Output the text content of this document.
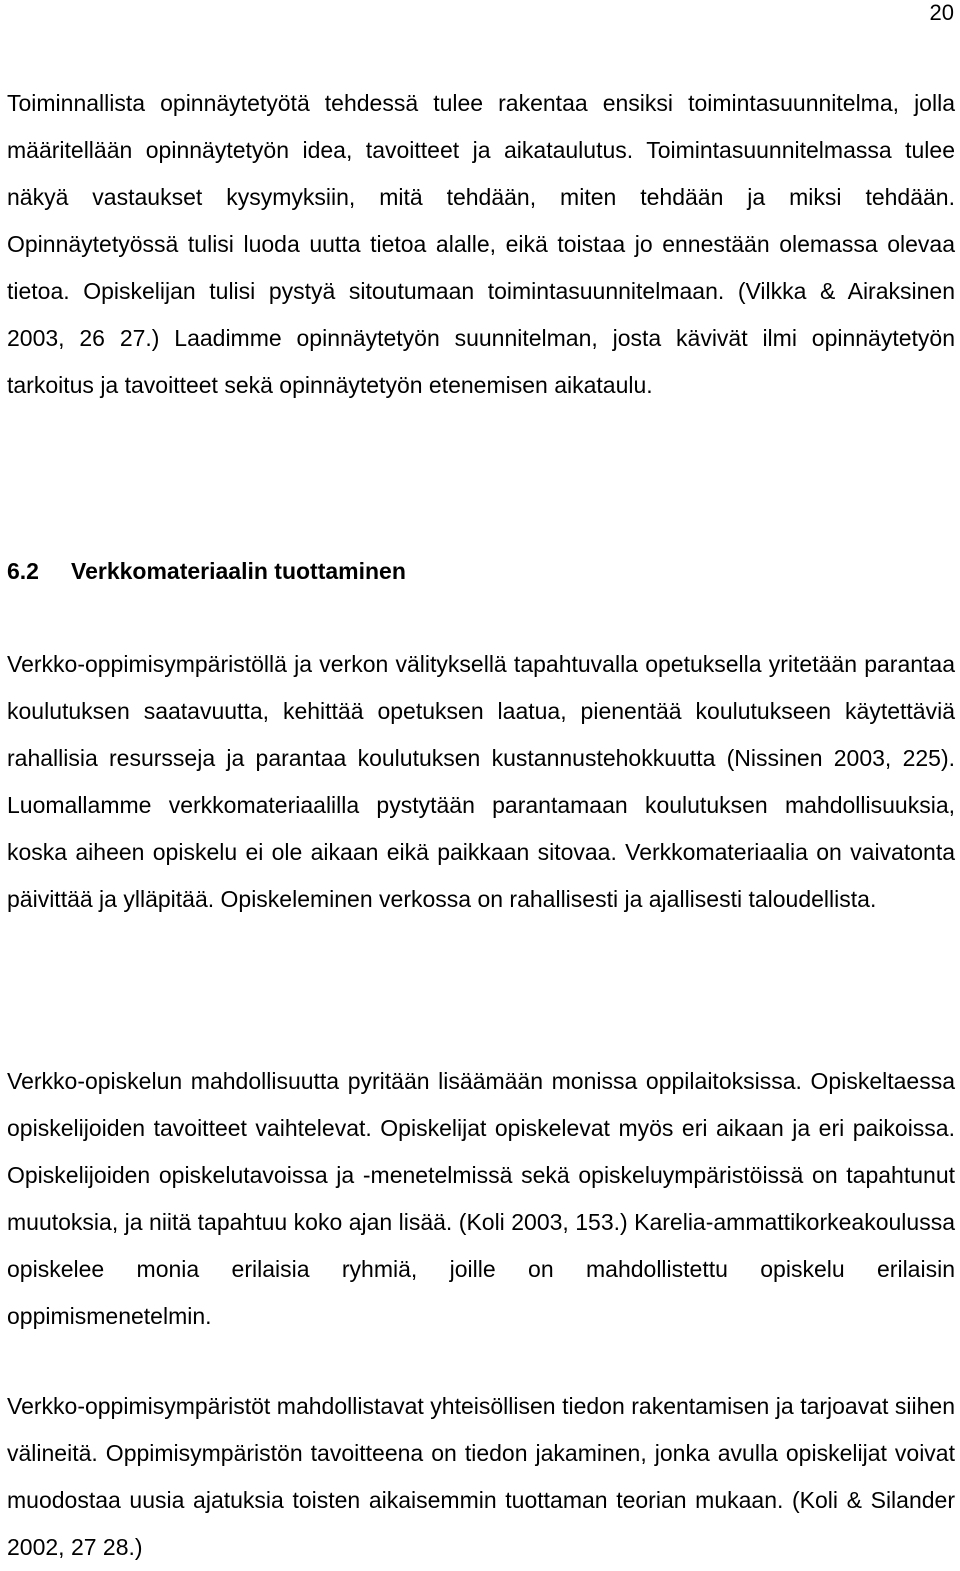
20

Toiminnallista opinnäytetyötä tehdessä tulee rakentaa ensiksi toimintasuunnitelma, jolla määritellään opinnäytetyön idea, tavoitteet ja aikataulutus. Toimintasuunnitelmassa tulee näkyä vastaukset kysymyksiin, mitä tehdään, miten tehdään ja miksi tehdään. Opinnäytetyössä tulisi luoda uutta tietoa alalle, eikä toistaa jo ennestään olemassa olevaa tietoa. Opiskelijan tulisi pystyä sitoutumaan toimintasuunnitelmaan. (Vilkka & Airaksinen 2003, 26 27.) Laadimme opinnäytetyön suunnitelman, josta kävivät ilmi opinnäytetyön tarkoitus ja tavoitteet sekä opinnäytetyön etenemisen aikataulu.

6.2 Verkkomateriaalin tuottaminen

Verkko-oppimisympäristöllä ja verkon välityksellä tapahtuvalla opetuksella yritetään parantaa koulutuksen saatavuutta, kehittää opetuksen laatua, pienentää koulutukseen käytettäviä rahallisia resursseja ja parantaa koulutuksen kustannustehokkuutta (Nissinen 2003, 225). Luomallamme verkkomateriaalilla pystytään parantamaan koulutuksen mahdollisuuksia, koska aiheen opiskelu ei ole aikaan eikä paikkaan sitovaa. Verkkomateriaalia on vaivatonta päivittää ja ylläpitää. Opiskeleminen verkossa on rahallisesti ja ajallisesti taloudellista.

Verkko-opiskelun mahdollisuutta pyritään lisäämään monissa oppilaitoksissa. Opiskeltaessa opiskelijoiden tavoitteet vaihtelevat. Opiskelijat opiskelevat myös eri aikaan ja eri paikoissa. Opiskelijoiden opiskelutavoissa ja -menetelmissä sekä opiskeluympäristöissä on tapahtunut muutoksia, ja niitä tapahtuu koko ajan lisää. (Koli 2003, 153.) Karelia-ammattikorkeakoulussa opiskelee monia erilaisia ryhmiä, joille on mahdollistettu opiskelu erilaisin oppimismenetelmin.

Verkko-oppimisympäristöt mahdollistavat yhteisöllisen tiedon rakentamisen ja tarjoavat siihen välineitä. Oppimisympäristön tavoitteena on tiedon jakaminen, jonka avulla opiskelijat voivat muodostaa uusia ajatuksia toisten aikaisemmin tuottaman teorian mukaan. (Koli & Silander 2002, 27 28.)
